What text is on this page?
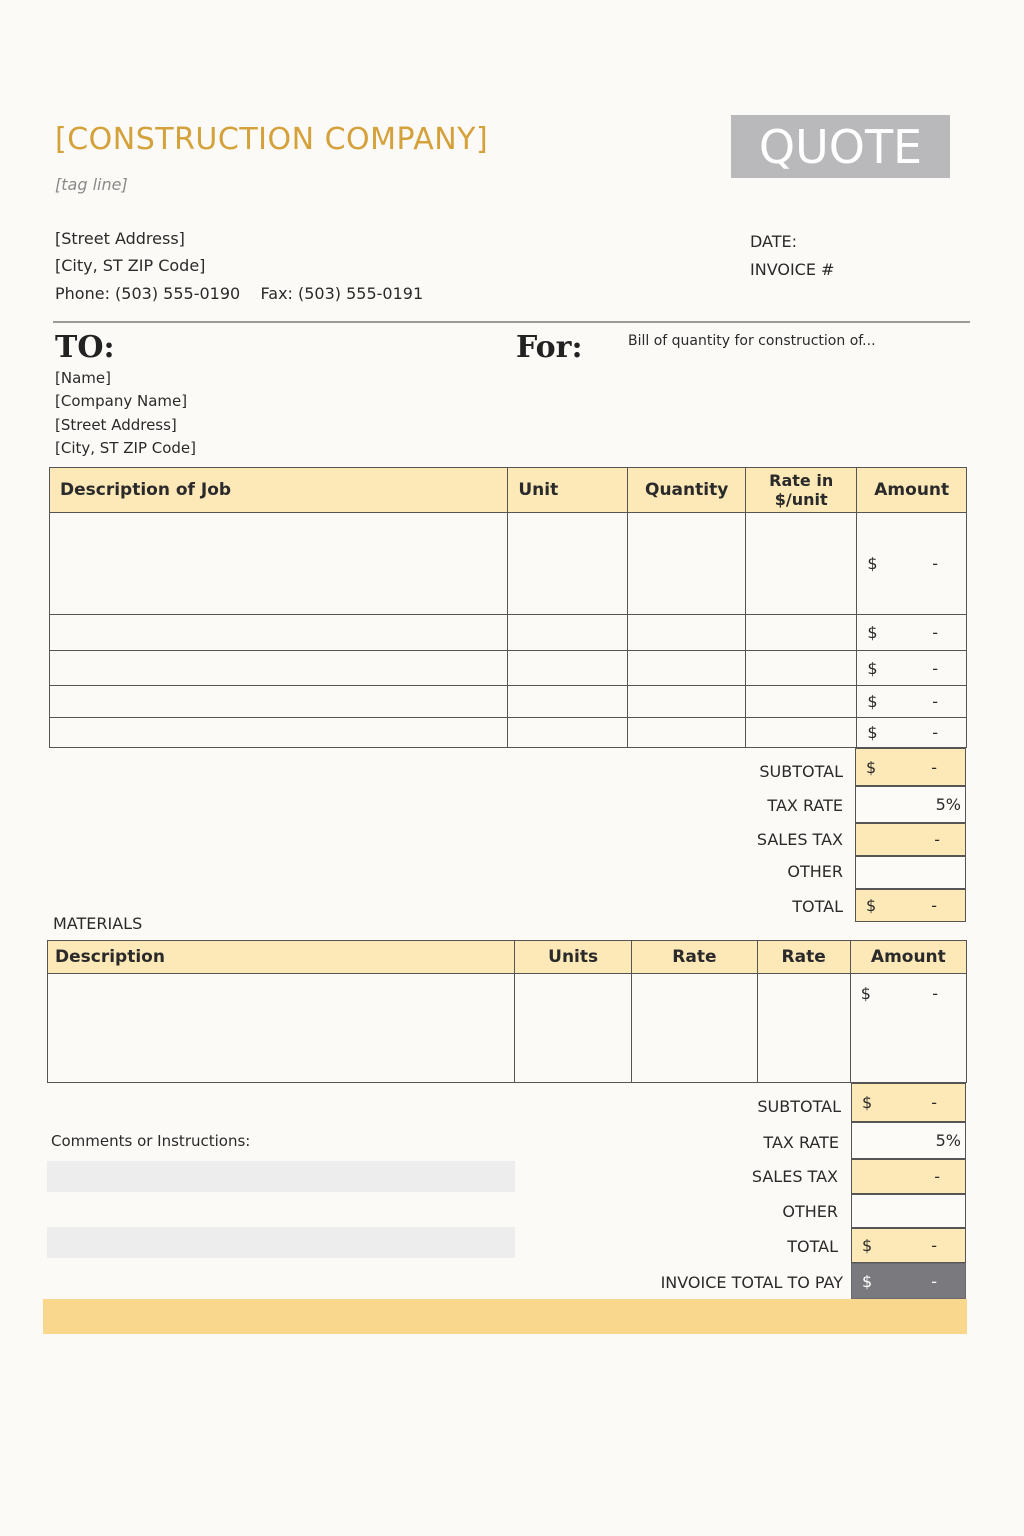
[CONSTRUCTION COMPANY]
[tag line]
[Street Address]
[City, ST ZIP Code]
Phone: (503) 555-0190    Fax: (503) 555-0191
QUOTE
DATE:
INVOICE #
TO:
[Name]
[Company Name]
[Street Address]
[City, ST ZIP Code]
For:	Bill of quantity for construction of...
Description of Job	Unit	Quantity	Rate in $/unit	Amount

				$ -

				$ -

				$ -

				$ -

				$ -
SUBTOTAL $	-
TAX RATE	5%
SALES TAX	-
OTHER
TOTAL $	-
MATERIALS
Description	Units	Rate	Rate	Amount

				$ -
SUBTOTAL $	-
TAX RATE	5%
SALES TAX	-
OTHER
TOTAL $	-
INVOICE TOTAL TO PAY $	-
Comments or Instructions:
